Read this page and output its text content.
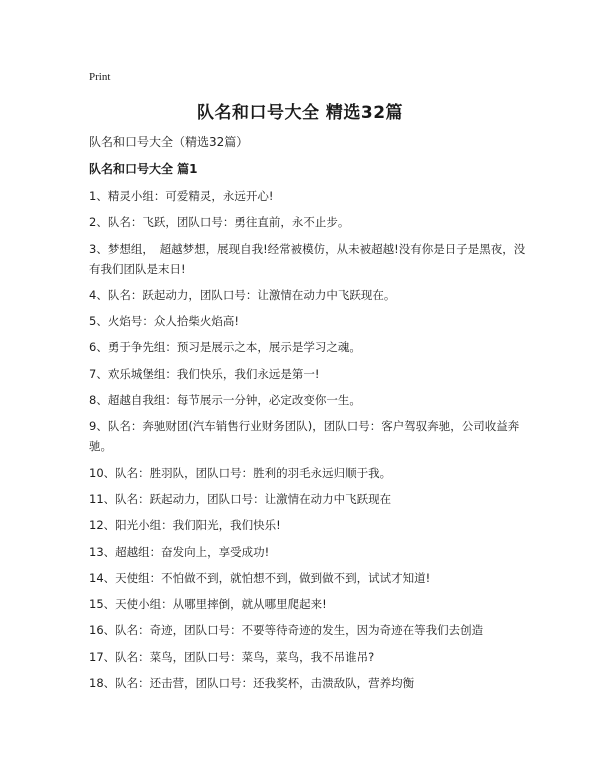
Print
队名和口号大全 精选32篇
队名和口号大全（精选32篇）
队名和口号大全 篇1
1、精灵小组：可爱精灵，永远开心!
2、队名：飞跃，团队口号：勇往直前，永不止步。
3、梦想组，　超越梦想，展现自我!经常被模仿，从未被超越!没有你是日子是黑夜，没有我们团队是末日!
4、队名：跃起动力，团队口号：让激情在动力中飞跃现在。
5、火焰号：众人拾柴火焰高!
6、勇于争先组：预习是展示之本，展示是学习之魂。
7、欢乐城堡组：我们快乐，我们永远是第一!
8、超越自我组：每节展示一分钟，必定改变你一生。
9、队名：奔驰财团(汽车销售行业财务团队)，团队口号：客户驾驭奔驰，公司收益奔驰。
10、队名：胜羽队，团队口号：胜利的羽毛永远归顺于我。
11、队名：跃起动力，团队口号：让激情在动力中飞跃现在
12、阳光小组：我们阳光，我们快乐!
13、超越组：奋发向上，享受成功!
14、天使组：不怕做不到，就怕想不到，做到做不到，试试才知道!
15、天使小组：从哪里摔倒，就从哪里爬起来!
16、队名：奇迹，团队口号：不要等待奇迹的发生，因为奇迹在等我们去创造
17、队名：菜鸟，团队口号：菜鸟，菜鸟，我不吊谁吊?
18、队名：还击营，团队口号：还我奖杯，击溃敌队，营养均衡
